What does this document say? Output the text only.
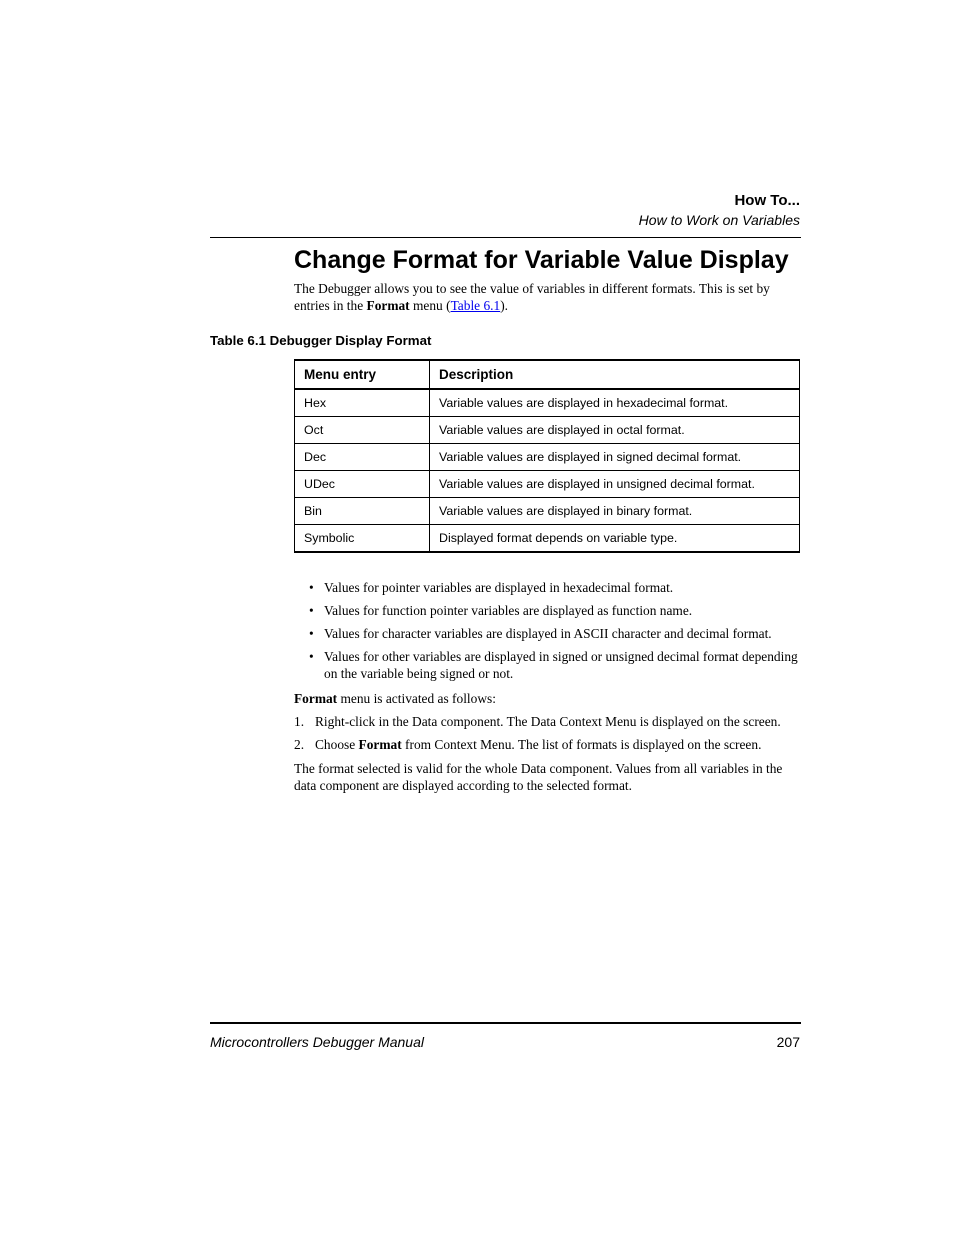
How To...
How to Work on Variables
Change Format for Variable Value Display
The Debugger allows you to see the value of variables in different formats. This is set by entries in the Format menu (Table 6.1).
Table 6.1 Debugger Display Format
Menu entry	Description
Hex	Variable values are displayed in hexadecimal format.
Oct	Variable values are displayed in octal format.
Dec	Variable values are displayed in signed decimal format.
UDec	Variable values are displayed in unsigned decimal format.
Bin	Variable values are displayed in binary format.
Symbolic	Displayed format depends on variable type.
• Values for pointer variables are displayed in hexadecimal format.
• Values for function pointer variables are displayed as function name.
• Values for character variables are displayed in ASCII character and decimal format.
• Values for other variables are displayed in signed or unsigned decimal format depending on the variable being signed or not.
Format menu is activated as follows:
1. Right-click in the Data component. The Data Context Menu is displayed on the screen.
2. Choose Format from Context Menu. The list of formats is displayed on the screen.
The format selected is valid for the whole Data component. Values from all variables in the data component are displayed according to the selected format.
Microcontrollers Debugger Manual	207
